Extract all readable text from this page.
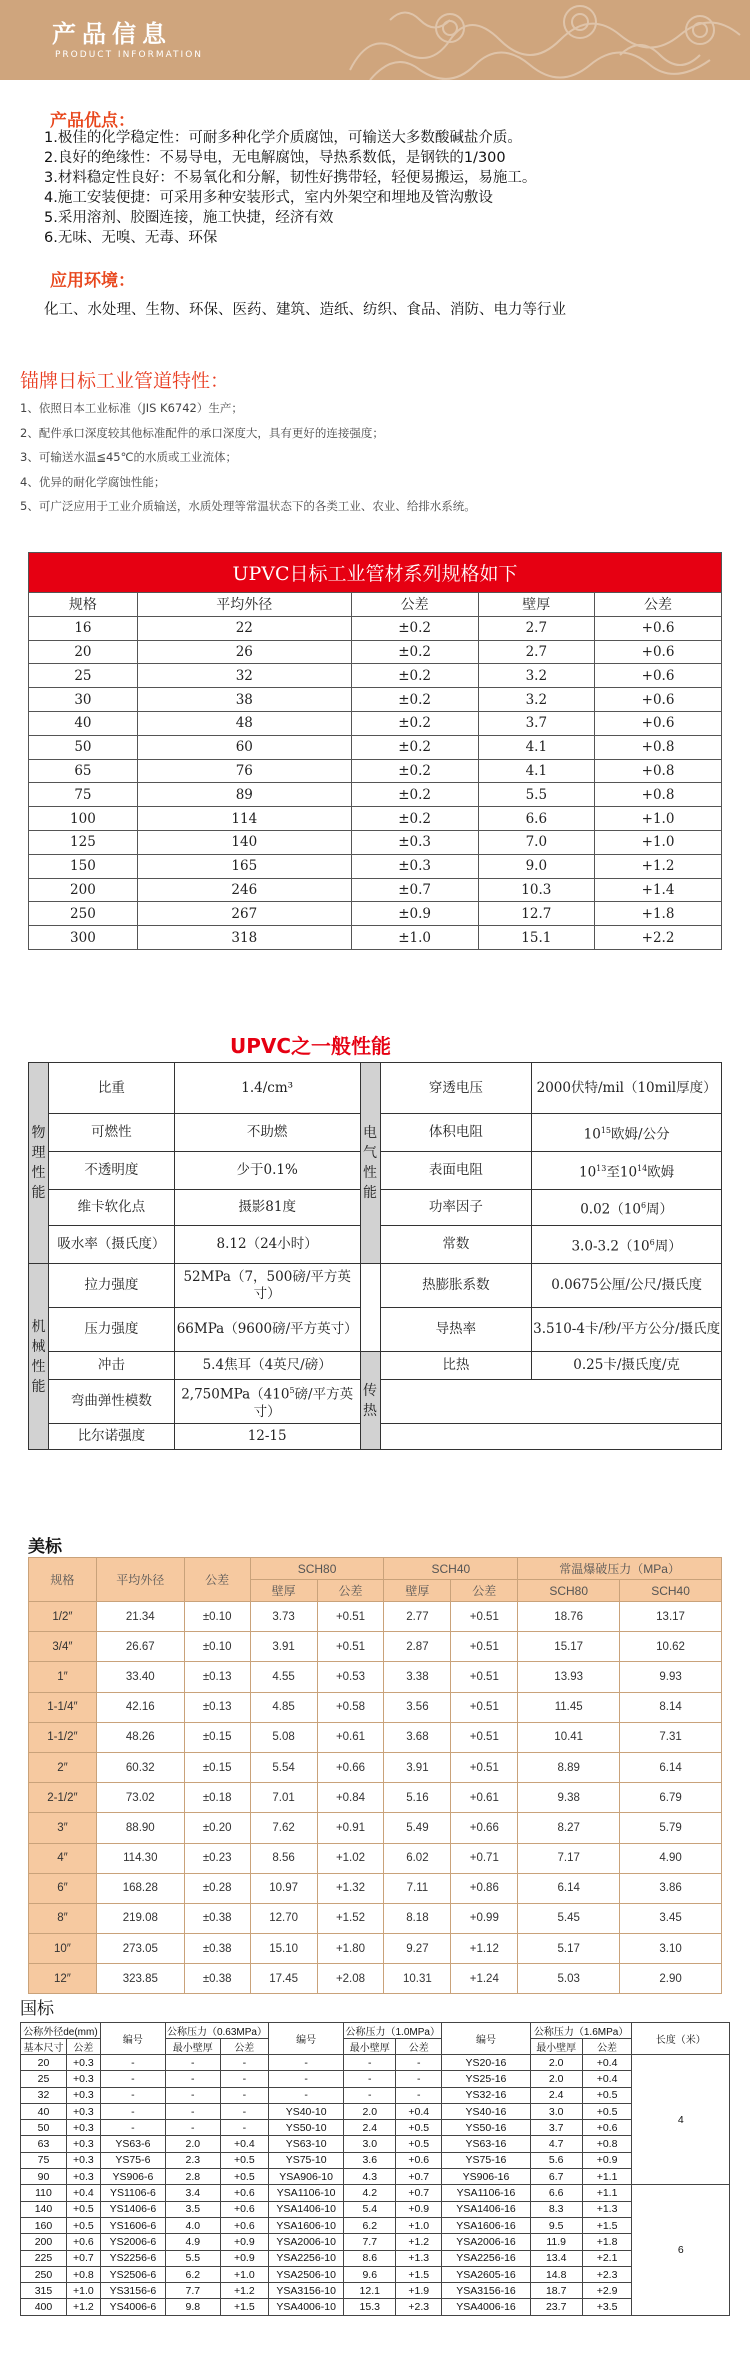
产品信息
PRODUCT INFORMATION
产品优点：
1.极佳的化学稳定性：可耐多种化学介质腐蚀，可输送大多数酸碱盐介质。
2.良好的绝缘性：不易导电，无电解腐蚀，导热系数低，是钢铁的1/300
3.材料稳定性良好：不易氧化和分解，韧性好携带轻，轻便易搬运，易施工。
4.施工安装便捷：可采用多种安装形式，室内外架空和埋地及管沟敷设
5.采用溶剂、胶圈连接，施工快捷，经济有效
6.无味、无嗅、无毒、环保
应用环境：
化工、水处理、生物、环保、医药、建筑、造纸、纺织、食品、消防、电力等行业
锚牌日标工业管道特性：
1、依照日本工业标准（JIS K6742）生产；
2、配件承口深度较其他标准配件的承口深度大，具有更好的连接强度；
3、可输送水温≦45℃的水质或工业流体；
4、优异的耐化学腐蚀性能；
5、可广泛应用于工业介质输送，水质处理等常温状态下的各类工业、农业、给排水系统。
UPVC日标工业管材系列规格如下				
规格	平均外径	公差	壁厚	公差
16	22	±0.2	2.7	+0.6
20	26	±0.2	2.7	+0.6
25	32	±0.2	3.2	+0.6
30	38	±0.2	3.2	+0.6
40	48	±0.2	3.7	+0.6
50	60	±0.2	4.1	+0.8
65	76	±0.2	4.1	+0.8
75	89	±0.2	5.5	+0.8
100	114	±0.2	6.6	+1.0
125	140	±0.3	7.0	+1.0
150	165	±0.3	9.0	+1.2
200	246	±0.7	10.3	+1.4
250	267	±0.9	12.7	+1.8
300	318	±1.0	15.1	+2.2
UPVC之一般性能
物理性能	比重	1.4/cm³	电气性能	穿透电压	2000伏特/mil（10mil厚度）
	可燃性	不助燃		体积电阻	$10^{15}$欧姆/公分
	不透明度	少于0.1%		表面电阻	$10^{13}$至$10^{14}$欧姆
	维卡软化点	摄影81度		功率因子	$0.02(10^6$周）
	吸水率（摄氏度）	8.12（24小时）		常数	$3.0-3.2(10^6$周）
机械性能	拉力强度	52MPa（7，500磅/平方英寸）		热膨胀系数	0.0675公厘/公尺/摄氏度
	压力强度	66MPa（9600磅/平方英寸）		导热率	3.510-4卡/秒/平方公分/摄氏度
	冲击	5.4焦耳（4英尺/磅）	传热	比热	0.25卡/摄氏度/克
	弯曲弹性模数	$2,750MPa(410^5$磅/平方英寸）			
	比尔诺强度	12-15			
美标
规格	平均外径	公差	SCH80		SCH40		常温爆破压力（MPa）	
			壁厚	公差	壁厚	公差	SCH80	SCH40
1/2″	21.34	±0.10	3.73	+0.51	2.77	+0.51	18.76	13.17
3/4″	26.67	±0.10	3.91	+0.51	2.87	+0.51	15.17	10.62
1″	33.40	±0.13	4.55	+0.53	3.38	+0.51	13.93	9.93
1-1/4″	42.16	±0.13	4.85	+0.58	3.56	+0.51	11.45	8.14
1-1/2″	48.26	±0.15	5.08	+0.61	3.68	+0.51	10.41	7.31
2″	60.32	±0.15	5.54	+0.66	3.91	+0.51	8.89	6.14
2-1/2″	73.02	±0.18	7.01	+0.84	5.16	+0.61	9.38	6.79
3″	88.90	±0.20	7.62	+0.91	5.49	+0.66	8.27	5.79
4″	114.30	±0.23	8.56	+1.02	6.02	+0.71	7.17	4.90
6″	168.28	±0.28	10.97	+1.32	7.11	+0.86	6.14	3.86
8″	219.08	±0.38	12.70	+1.52	8.18	+0.99	5.45	3.45
10″	273.05	±0.38	15.10	+1.80	9.27	+1.12	5.17	3.10
12″	323.85	±0.38	17.45	+2.08	10.31	+1.24	5.03	2.90
国标
公称外径de(mm)		编号	公称压力（0.63MPa）		编号	公称压力（1.0MPa）		编号	公称压力（1.6MPa）		长度（米）
基本尺寸	公差		最小壁厚	公差		最小壁厚	公差		最小壁厚	公差	
20	+0.3	-	-	-	-	-	-	YS20-16	2.0	+0.4	4
25	+0.3	-	-	-	-	-	-	YS25-16	2.0	+0.4	
32	+0.3	-	-	-	-	-	-	YS32-16	2.4	+0.5	
40	+0.3	-	-	-	YS40-10	2.0	+0.4	YS40-16	3.0	+0.5	
50	+0.3	-	-	-	YS50-10	2.4	+0.5	YS50-16	3.7	+0.6	
63	+0.3	YS63-6	2.0	+0.4	YS63-10	3.0	+0.5	YS63-16	4.7	+0.8	
75	+0.3	YS75-6	2.3	+0.5	YS75-10	3.6	+0.6	YS75-16	5.6	+0.9	
90	+0.3	YS906-6	2.8	+0.5	YSA906-10	4.3	+0.7	YS906-16	6.7	+1.1	
110	+0.4	YS1106-6	3.4	+0.6	YSA1106-10	4.2	+0.7	YSA1106-16	6.6	+1.1	6
140	+0.5	YS1406-6	3.5	+0.6	YSA1406-10	5.4	+0.9	YSA1406-16	8.3	+1.3	
160	+0.5	YS1606-6	4.0	+0.6	YSA1606-10	6.2	+1.0	YSA1606-16	9.5	+1.5	
200	+0.6	YS2006-6	4.9	+0.9	YSA2006-10	7.7	+1.2	YSA2006-16	11.9	+1.8	
225	+0.7	YS2256-6	5.5	+0.9	YSA2256-10	8.6	+1.3	YSA2256-16	13.4	+2.1	
250	+0.8	YS2506-6	6.2	+1.0	YSA2506-10	9.6	+1.5	YSA2605-16	14.8	+2.3	
315	+1.0	YS3156-6	7.7	+1.2	YSA3156-10	12.1	+1.9	YSA3156-16	18.7	+2.9	
400	+1.2	YS4006-6	9.8	+1.5	YSA4006-10	15.3	+2.3	YSA4006-16	23.7	+3.5	
